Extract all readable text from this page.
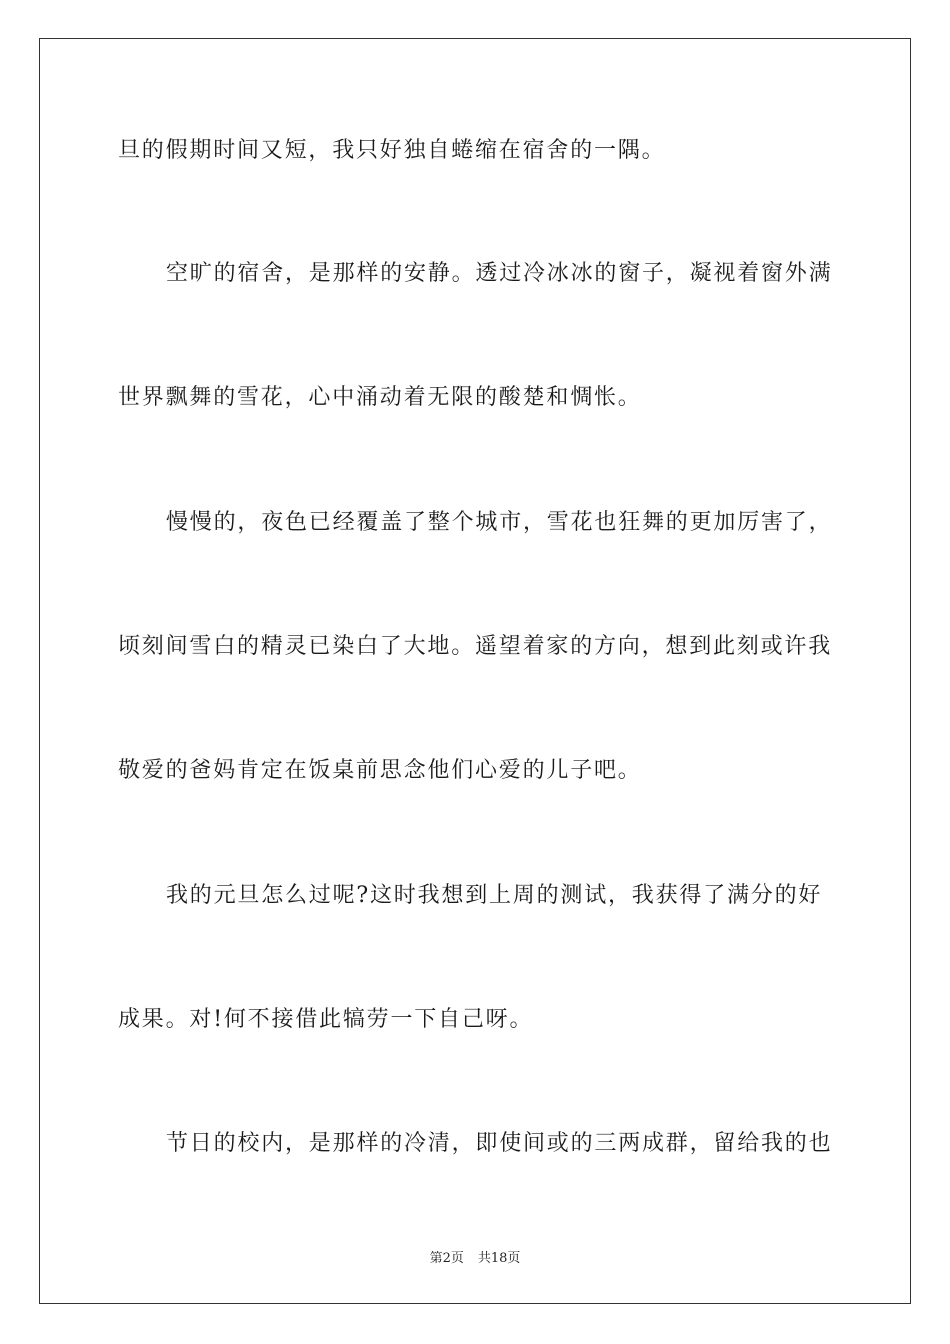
旦的假期时间又短，我只好独自蜷缩在宿舍的一隅。
空旷的宿舍，是那样的安静。透过冷冰冰的窗子，凝视着窗外满
世界飘舞的雪花，心中涌动着无限的酸楚和惆怅。
慢慢的，夜色已经覆盖了整个城市，雪花也狂舞的更加厉害了，
顷刻间雪白的精灵已染白了大地。遥望着家的方向，想到此刻或许我
敬爱的爸妈肯定在饭桌前思念他们心爱的儿子吧。
我的元旦怎么过呢?这时我想到上周的测试，我获得了满分的好
成果。对!何不接借此犒劳一下自己呀。
节日的校内，是那样的冷清，即使间或的三两成群，留给我的也
第2页 共18页
